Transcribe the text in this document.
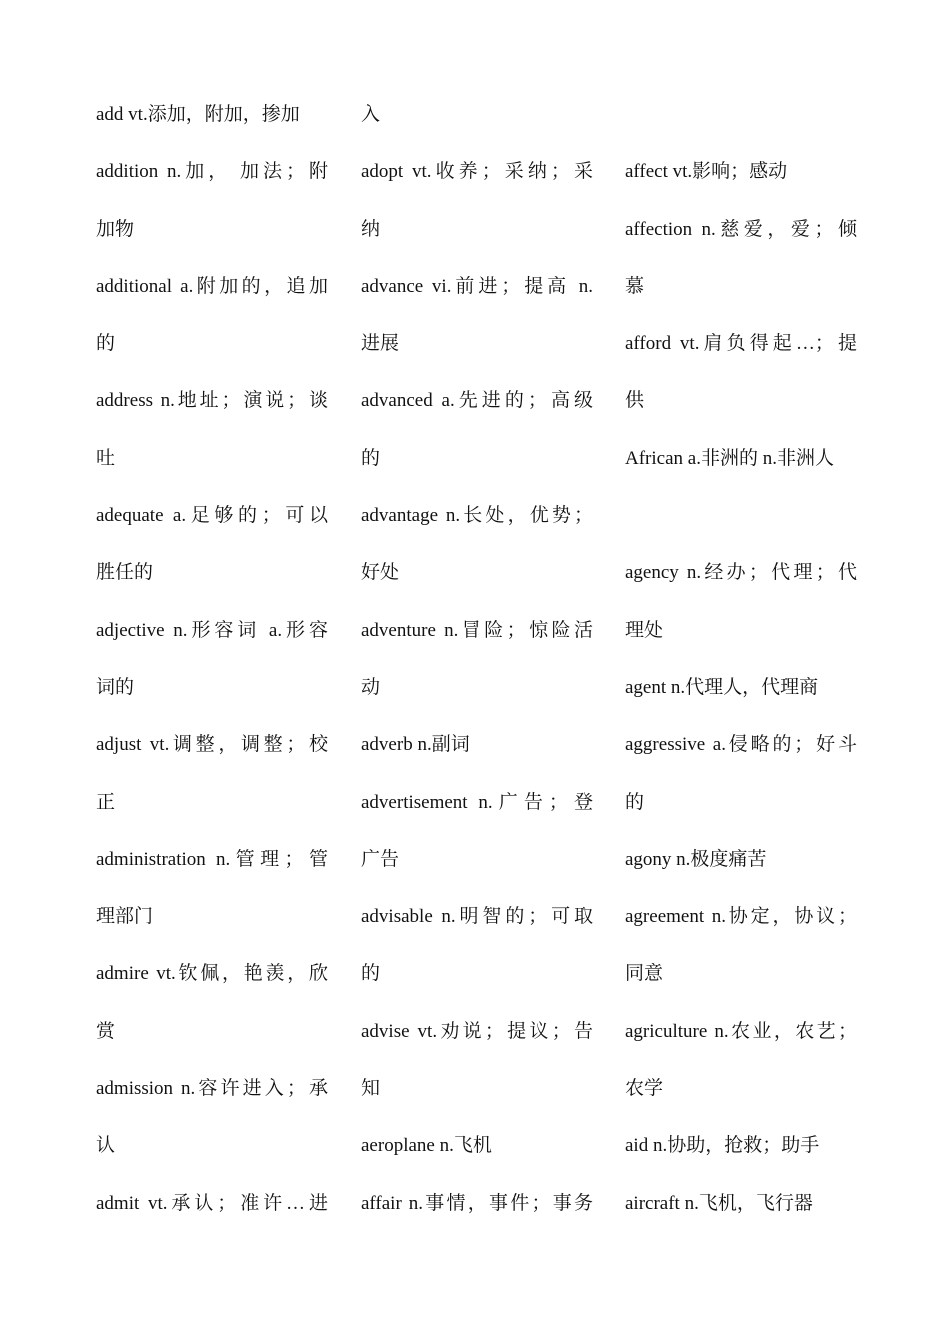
add vt.添加，附加，掺加
addition n.加， 加法；附
加物
additional a.附加的，追加
的
address n.地址；演说；谈
吐
adequate a.足够的；可以
胜任的
adjective n.形容词 a.形容
词的
adjust vt.调整，调整；校
正
administration n.管理；管
理部门
admire vt.钦佩，艳羡，欣
赏
admission n.容许进入；承
认
admit vt.承认；准许…进
入
adopt vt.收养；采纳；采
纳
advance vi.前进；提高 n.
进展
advanced a.先进的；高级
的
advantage n.长处，优势；
好处
adventure n.冒险；惊险活
动
adverb n.副词
advertisement n.广告；登
广告
advisable n.明智的；可取
的
advise vt.劝说；提议；告
知
aeroplane n.飞机
affair n.事情，事件；事务
affect vt.影响；感动
affection n.慈爱，爱；倾
慕
afford vt.肩负得起…；提
供
African a.非洲的 n.非洲人
agency n.经办；代理；代
理处
agent n.代理人，代理商
aggressive a.侵略的；好斗
的
agony n.极度痛苦
agreement n.协定，协议；
同意
agriculture n.农业，农艺；
农学
aid n.协助，抢救；助手
aircraft n.飞机，飞行器
